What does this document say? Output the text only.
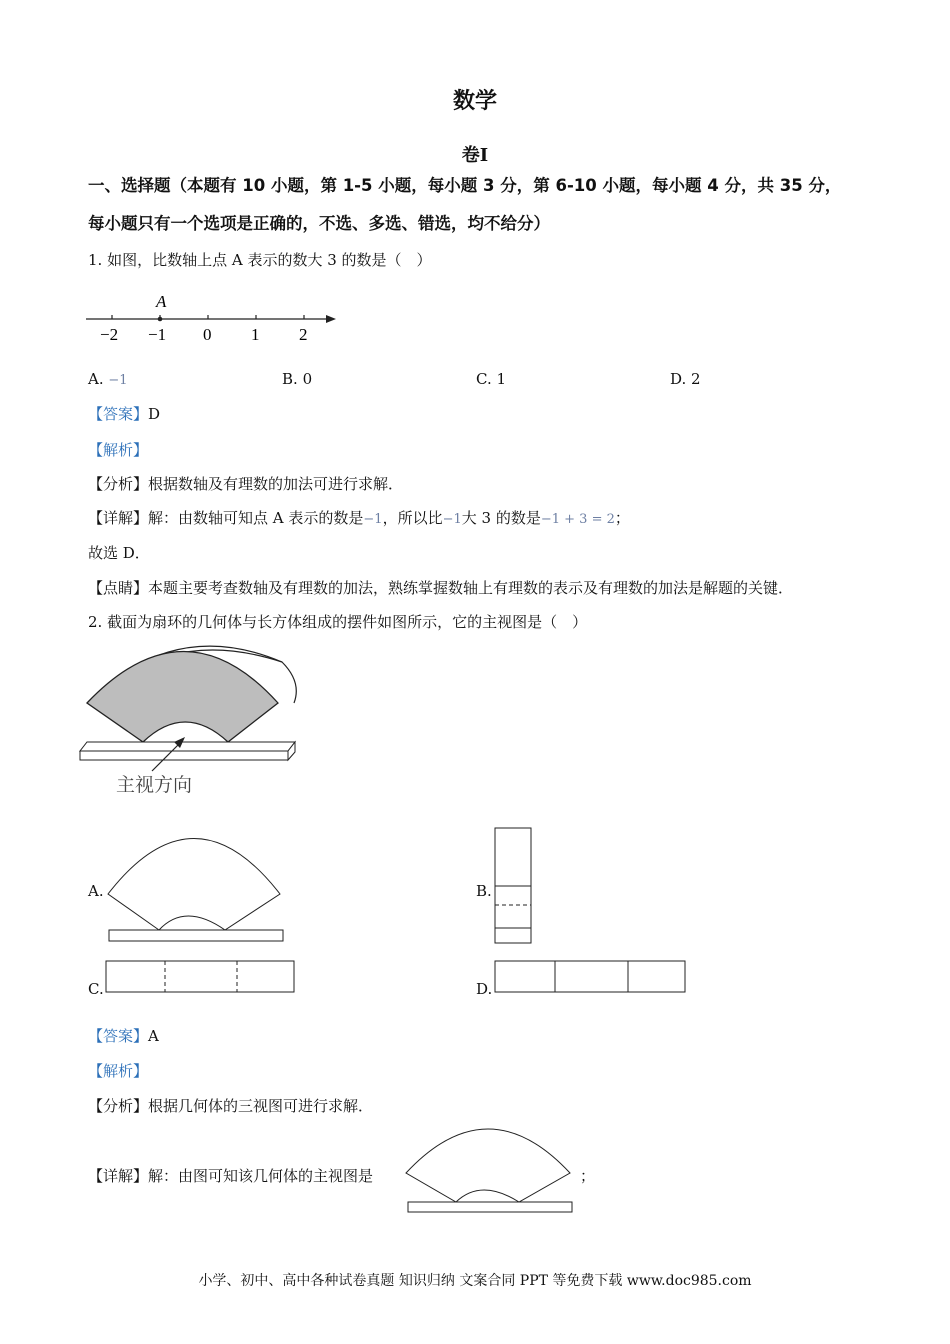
数学
卷Ⅰ
一、选择题（本题有 10 小题，第 1-5 小题，每小题 3 分，第 6-10 小题，每小题 4 分，共 35 分，
每小题只有一个选项是正确的，不选、多选、错选，均不给分）
1. 如图，比数轴上点 A 表示的数大 3 的数是（　）
A
−2 −1 0 1 2
A. −1	B. 0	C. 1	D. 2
【答案】D
【解析】
【分析】根据数轴及有理数的加法可进行求解．
【详解】解：由数轴可知点 A 表示的数是−1，所以比−1大 3 的数是−1 + 3 = 2；
故选 D．
【点睛】本题主要考查数轴及有理数的加法，熟练掌握数轴上有理数的表示及有理数的加法是解题的关键．
2. 截面为扇环的几何体与长方体组成的摆件如图所示，它的主视图是（　）
主视方向
A.	B.
C.	D.
【答案】A
【解析】
【分析】根据几何体的三视图可进行求解．
【详解】解：由图可知该几何体的主视图是	；
小学、初中、高中各种试卷真题 知识归纳 文案合同 PPT 等免费下载 www.doc985.com
